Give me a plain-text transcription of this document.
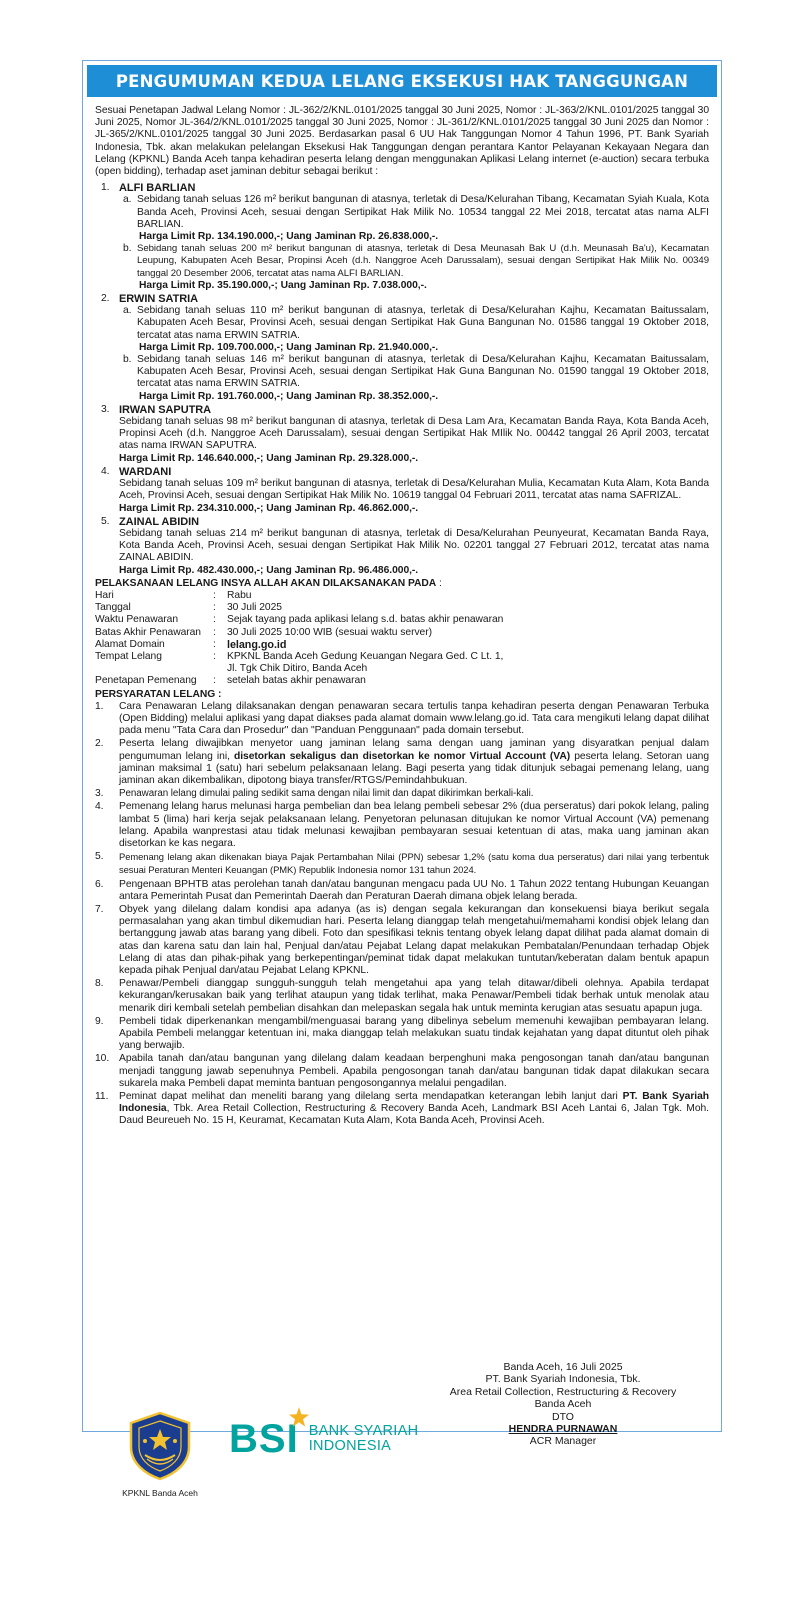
PENGUMUMAN KEDUA LELANG EKSEKUSI HAK TANGGUNGAN

Sesuai Penetapan Jadwal Lelang Nomor : JL-362/2/KNL.0101/2025 tanggal 30 Juni 2025, Nomor : JL-363/2/KNL.0101/2025 tanggal 30 Juni 2025, Nomor JL-364/2/KNL.0101/2025 tanggal 30 Juni 2025, Nomor : JL-361/2/KNL.0101/2025 tanggal 30 Juni 2025 dan Nomor : JL-365/2/KNL.0101/2025 tanggal 30 Juni 2025. Berdasarkan pasal 6 UU Hak Tanggungan Nomor 4 Tahun 1996, PT. Bank Syariah Indonesia, Tbk. akan melakukan pelelangan Eksekusi Hak Tanggungan dengan perantara Kantor Pelayanan Kekayaan Negara dan Lelang (KPKNL) Banda Aceh tanpa kehadiran peserta lelang dengan menggunakan Aplikasi Lelang internet (e-auction) secara terbuka (open bidding), terhadap aset jaminan debitur sebagai berikut :

1. ALFI BARLIAN
a. Sebidang tanah seluas 126 m² berikut bangunan di atasnya, terletak di Desa/Kelurahan Tibang, Kecamatan Syiah Kuala, Kota Banda Aceh, Provinsi Aceh, sesuai dengan Sertipikat Hak Milik No. 10534 tanggal 22 Mei 2018, tercatat atas nama ALFI BARLIAN.
Harga Limit Rp. 134.190.000,-; Uang Jaminan Rp. 26.838.000,-.
b. Sebidang tanah seluas 200 m² berikut bangunan di atasnya, terletak di Desa Meunasah Bak U (d.h. Meunasah Ba'u), Kecamatan Leupung, Kabupaten Aceh Besar, Propinsi Aceh (d.h. Nanggroe Aceh Darussalam), sesuai dengan Sertipikat Hak Milik No. 00349 tanggal 20 Desember 2006, tercatat atas nama ALFI BARLIAN.
Harga Limit Rp. 35.190.000,-; Uang Jaminan Rp. 7.038.000,-.
2. ERWIN SATRIA
a. Sebidang tanah seluas 110 m² berikut bangunan di atasnya, terletak di Desa/Kelurahan Kajhu, Kecamatan Baitussalam, Kabupaten Aceh Besar, Provinsi Aceh, sesuai dengan Sertipikat Hak Guna Bangunan No. 01586 tanggal 19 Oktober 2018, tercatat atas nama ERWIN SATRIA.
Harga Limit Rp. 109.700.000,-; Uang Jaminan Rp. 21.940.000,-.
b. Sebidang tanah seluas 146 m² berikut bangunan di atasnya, terletak di Desa/Kelurahan Kajhu, Kecamatan Baitussalam, Kabupaten Aceh Besar, Provinsi Aceh, sesuai dengan Sertipikat Hak Guna Bangunan No. 01590 tanggal 19 Oktober 2018, tercatat atas nama ERWIN SATRIA.
Harga Limit Rp. 191.760.000,-; Uang Jaminan Rp. 38.352.000,-.
3. IRWAN SAPUTRA
Sebidang tanah seluas 98 m² berikut bangunan di atasnya, terletak di Desa Lam Ara, Kecamatan Banda Raya, Kota Banda Aceh, Propinsi Aceh (d.h. Nanggroe Aceh Darussalam), sesuai dengan Sertipikat Hak MIlik No. 00442 tanggal 26 April 2003, tercatat atas nama IRWAN SAPUTRA.
Harga Limit Rp. 146.640.000,-; Uang Jaminan Rp. 29.328.000,-.
4. WARDANI
Sebidang tanah seluas 109 m² berikut bangunan di atasnya, terletak di Desa/Kelurahan Mulia, Kecamatan Kuta Alam, Kota Banda Aceh, Provinsi Aceh, sesuai dengan Sertipikat Hak Milik No. 10619 tanggal 04 Februari 2011, tercatat atas nama SAFRIZAL.
Harga Limit Rp. 234.310.000,-; Uang Jaminan Rp. 46.862.000,-.
5. ZAINAL ABIDIN
Sebidang tanah seluas 214 m² berikut bangunan di atasnya, terletak di Desa/Kelurahan Peunyeurat, Kecamatan Banda Raya, Kota Banda Aceh, Provinsi Aceh, sesuai dengan Sertipikat Hak Milik No. 02201 tanggal 27 Februari 2012, tercatat atas nama ZAINAL ABIDIN.
Harga Limit Rp. 482.430.000,-; Uang Jaminan Rp. 96.486.000,-.
PELAKSANAAN LELANG INSYA ALLAH AKAN DILAKSANAKAN PADA :
Hari	:	Rabu
Tanggal	:	30 Juli 2025
Waktu Penawaran	:	Sejak tayang pada aplikasi lelang s.d. batas akhir penawaran
Batas Akhir Penawaran	:	30 Juli 2025 10:00 WIB (sesuai waktu server)
Alamat Domain	:	lelang.go.id
Tempat Lelang	:	KPKNL Banda Aceh Gedung Keuangan Negara Ged. C Lt. 1,
Jl. Tgk Chik Ditiro, Banda Aceh
Penetapan Pemenang	:	setelah batas akhir penawaran
PERSYARATAN LELANG :
1. Cara Penawaran Lelang dilaksanakan dengan penawaran secara tertulis tanpa kehadiran peserta dengan Penawaran Terbuka (Open Bidding) melalui aplikasi yang dapat diakses pada alamat domain www.lelang.go.id. Tata cara mengikuti lelang dapat dilihat pada menu "Tata Cara dan Prosedur" dan "Panduan Penggunaan" pada domain tersebut.
2. Peserta lelang diwajibkan menyetor uang jaminan lelang sama dengan uang jaminan yang disyaratkan penjual dalam pengumuman lelang ini, disetorkan sekaligus dan disetorkan ke nomor Virtual Account (VA) peserta lelang. Setoran uang jaminan maksimal 1 (satu) hari sebelum pelaksanaan lelang. Bagi peserta yang tidak ditunjuk sebagai pemenang lelang, uang jaminan akan dikembalikan, dipotong biaya transfer/RTGS/Pemindahbukuan.
3. Penawaran lelang dimulai paling sedikit sama dengan nilai limit dan dapat dikirimkan berkali-kali.
4. Pemenang lelang harus melunasi harga pembelian dan bea lelang pembeli sebesar 2% (dua perseratus) dari pokok lelang, paling lambat 5 (lima) hari kerja sejak pelaksanaan lelang. Penyetoran pelunasan ditujukan ke nomor Virtual Account (VA) pemenang lelang. Apabila wanprestasi atau tidak melunasi kewajiban pembayaran sesuai ketentuan di atas, maka uang jaminan akan disetorkan ke kas negara.
5. Pemenang lelang akan dikenakan biaya Pajak Pertambahan Nilai (PPN) sebesar 1,2% (satu koma dua perseratus) dari nilai yang terbentuk sesuai Peraturan Menteri Keuangan (PMK) Republik Indonesia nomor 131 tahun 2024.
6. Pengenaan BPHTB atas perolehan tanah dan/atau bangunan mengacu pada UU No. 1 Tahun 2022 tentang Hubungan Keuangan antara Pemerintah Pusat dan Pemerintah Daerah dan Peraturan Daerah dimana objek lelang berada.
7. Obyek yang dilelang dalam kondisi apa adanya (as is) dengan segala kekurangan dan konsekuensi biaya berikut segala permasalahan yang akan timbul dikemudian hari. Peserta lelang dianggap telah mengetahui/memahami kondisi objek lelang dan bertanggung jawab atas barang yang dibeli. Foto dan spesifikasi teknis tentang obyek lelang dapat dilihat pada alamat domain di atas dan karena satu dan lain hal, Penjual dan/atau Pejabat Lelang dapat melakukan Pembatalan/Penundaan terhadap Objek Lelang di atas dan pihak-pihak yang berkepentingan/peminat tidak dapat melakukan tuntutan/keberatan dalam bentuk apapun kepada pihak Penjual dan/atau Pejabat Lelang KPKNL.
8. Penawar/Pembeli dianggap sungguh-sungguh telah mengetahui apa yang telah ditawar/dibeli olehnya. Apabila terdapat kekurangan/kerusakan baik yang terlihat ataupun yang tidak terlihat, maka Penawar/Pembeli tidak berhak untuk menolak atau menarik diri kembali setelah pembelian disahkan dan melepaskan segala hak untuk meminta kerugian atas sesuatu apapun juga.
9. Pembeli tidak diperkenankan mengambil/menguasai barang yang dibelinya sebelum memenuhi kewajiban pembayaran lelang. Apabila Pembeli melanggar ketentuan ini, maka dianggap telah melakukan suatu tindak kejahatan yang dapat dituntut oleh pihak yang berwajib.
10. Apabila tanah dan/atau bangunan yang dilelang dalam keadaan berpenghuni maka pengosongan tanah dan/atau bangunan menjadi tanggung jawab sepenuhnya Pembeli. Apabila pengosongan tanah dan/atau bangunan tidak dapat dilakukan secara sukarela maka Pembeli dapat meminta bantuan pengosongannya melalui pengadilan.
11. Peminat dapat melihat dan meneliti barang yang dilelang serta mendapatkan keterangan lebih lanjut dari PT. Bank Syariah Indonesia, Tbk. Area Retail Collection, Restructuring & Recovery Banda Aceh, Landmark BSI Aceh Lantai 6, Jalan Tgk. Moh. Daud Beureueh No. 15 H, Keuramat, Kecamatan Kuta Alam, Kota Banda Aceh, Provinsi Aceh.
Banda Aceh, 16 Juli 2025
PT. Bank Syariah Indonesia, Tbk.
Area Retail Collection, Restructuring & Recovery
Banda Aceh
DTO
HENDRA PURNAWAN
ACR Manager
KPKNL Banda Aceh
BSI BANK SYARIAH
INDONESIA
